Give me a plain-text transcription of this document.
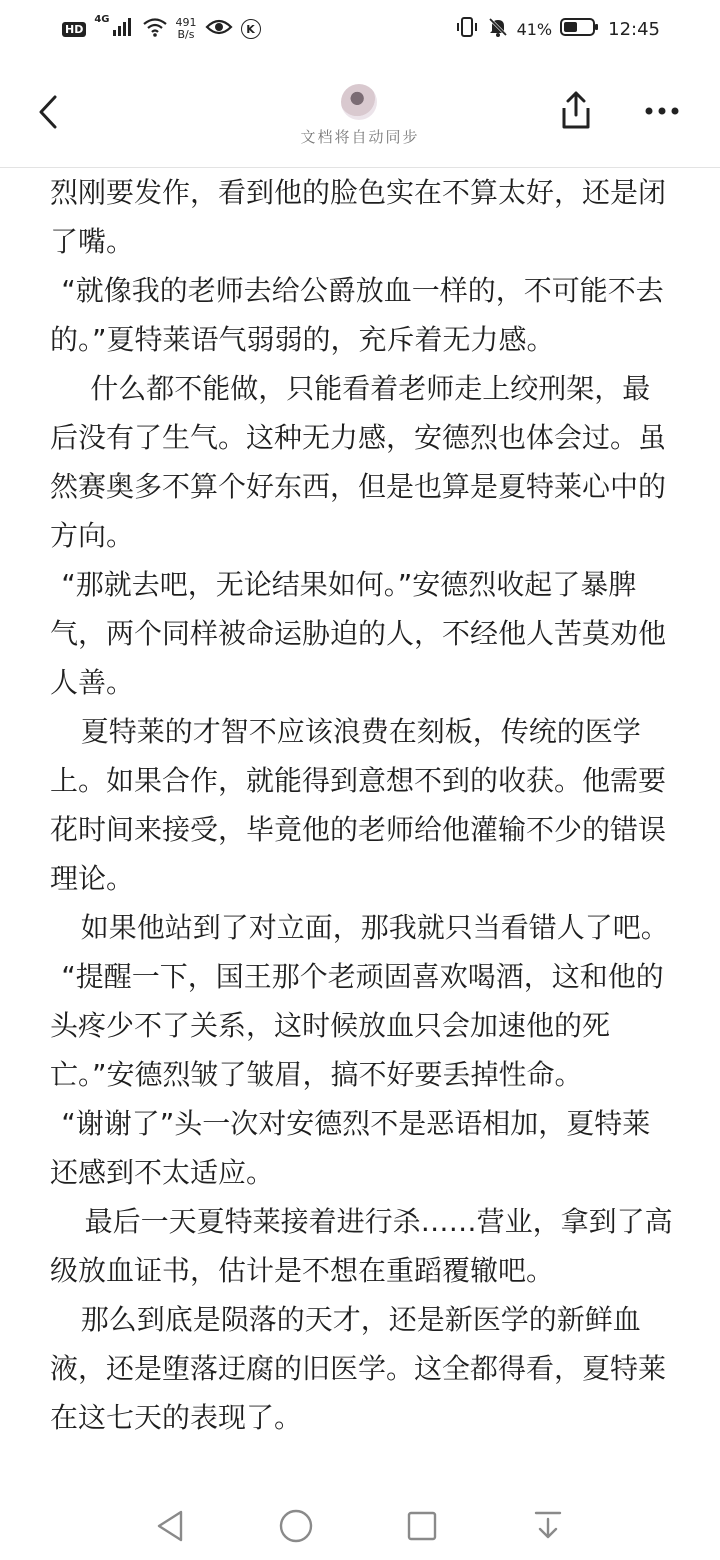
HD
4G	491
B/s	K	41%	12:45
文档将自动同步

烈刚要发作，看到他的脸色实在不算太好，还是闭了嘴。

“就像我的老师去给公爵放血一样的，不可能不去的。”夏特莱语气弱弱的，充斥着无力感。

什么都不能做，只能看着老师走上绞刑架，最后没有了生气。这种无力感，安德烈也体会过。虽然赛奥多不算个好东西，但是也算是夏特莱心中的方向。

“那就去吧，无论结果如何。”安德烈收起了暴脾气，两个同样被命运胁迫的人，不经他人苦莫劝他人善。

夏特莱的才智不应该浪费在刻板，传统的医学上。如果合作，就能得到意想不到的收获。他需要花时间来接受，毕竟他的老师给他灌输不少的错误理论。

如果他站到了对立面，那我就只当看错人了吧。

“提醒一下，国王那个老顽固喜欢喝酒，这和他的头疼少不了关系，这时候放血只会加速他的死亡。”安德烈皱了皱眉，搞不好要丢掉性命。

“谢谢了”头一次对安德烈不是恶语相加，夏特莱还感到不太适应。

最后一天夏特莱接着进行杀……营业，拿到了高级放血证书，估计是不想在重蹈覆辙吧。

那么到底是陨落的天才，还是新医学的新鲜血液，还是堕落迂腐的旧医学。这全都得看，夏特莱在这七天的表现了。
